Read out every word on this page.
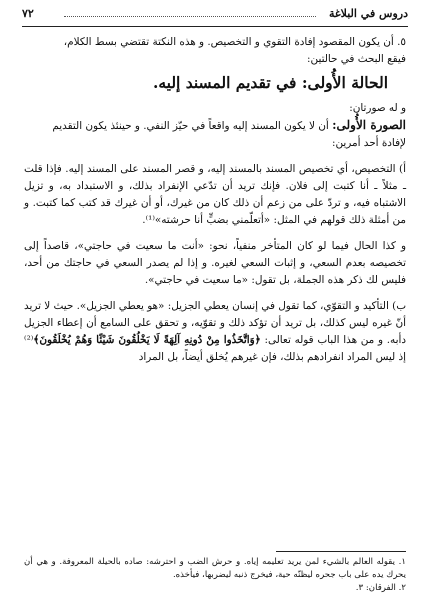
دروس في البلاغة
٧٢

٥. أن يكون المقصود إفادة التقوي و التخصيص. و هذه النكتة تقتضي بسط الكلام،

فيقع البحث في حالتين:

الحالة الأُولى: في تقديم المسند إليه.

و له صورتان:

الصورة الأُولى: أن لا يكون المسند إليه واقعاً في حيّز النفي. و حينئذ يكون التقديم

لإفادة أحد أمرين:

أ) التخصيص، أي تخصيص المسند بالمسند إليه، و قصر المسند على المسند إليه. فإذا قلت ـ مثلاً ـ أنا كتبت إلى فلان. فإنك تريد أن تدّعي الإنفراد بذلك، و الاستبداد به، و تزيل الاشتباه فيه، و تردّ على من زعم أن ذلك كان من غيرك، أو أن غيرك قد كتب كما كتبت. و من أمثلة ذلك قولهم في المثل: «أتعلّمني بضبٍّ أنا حرشته»⁽¹⁾.

و كذا الحال فيما لو كان المتأخر منفياً، نحو: «أنت ما سعيت في حاجتي»، قاصداً إلى تخصيصه بعدم السعي، و إثبات السعي لغيره. و إذا لم يصدر السعي في حاجتك من أحد، فليس لك ذكر هذه الجملة، بل تقول: «ما سعيت في حاجتي».

ب) التأكيد و التقوّي، كما تقول في إنسان يعطي الجزيل: «هو يعطي الجزيل». حيث لا تريد أنّ غيره ليس كذلك، بل تريد أن تؤكد ذلك و تقوّيه، و تحقق على السامع أن إعطاء الجزيل دأبه. و من هذا الباب قوله تعالى: ﴿وَاتَّخَذُوا مِنْ دُونِهِ آلِهَةً لَا يَخْلُقُونَ شَيْئًا وَهُمْ يُخْلَقُونَ﴾⁽²⁾ إذ ليس المراد انفرادهم بذلك، فإن غيرهم يُخلق أيضاً، بل المراد

١. يقوله العالم بالشيء لمن يريد تعليمه إياه. و حرش الضب و احترشه: صاده بالحيلة المعروفة. و هي أن يحرك يده على باب جحره ليظنّه حية، فيخرج ذنبه ليضربها، فيأخذه.

٢. الفرقان: ٣.
